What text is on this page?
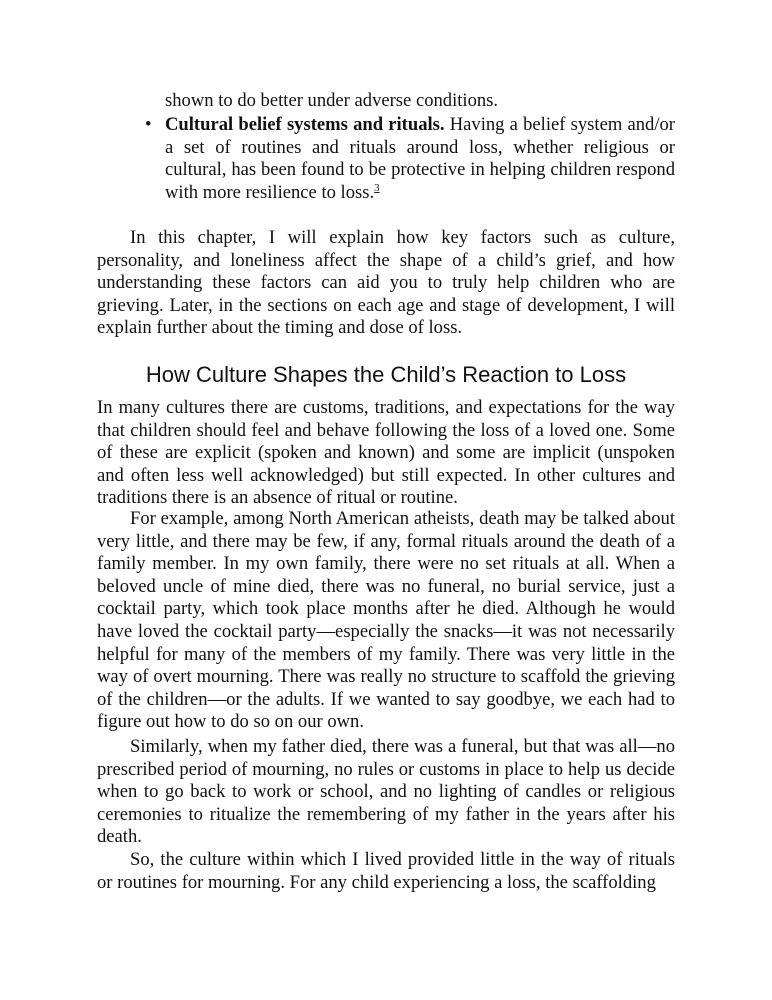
shown to do better under adverse conditions.

• Cultural belief systems and rituals. Having a belief system and/or a set of routines and rituals around loss, whether religious or cultural, has been found to be protective in helping children respond with more resilience to loss.$^3$

In this chapter, I will explain how key factors such as culture, personality, and loneliness affect the shape of a child’s grief, and how understanding these factors can aid you to truly help children who are grieving. Later, in the sections on each age and stage of development, I will explain further about the timing and dose of loss.

How Culture Shapes the Child’s Reaction to Loss

In many cultures there are customs, traditions, and expectations for the way that children should feel and behave following the loss of a loved one. Some of these are explicit (spoken and known) and some are implicit (unspoken and often less well acknowledged) but still expected. In other cultures and traditions there is an absence of ritual or routine.

For example, among North American atheists, death may be talked about very little, and there may be few, if any, formal rituals around the death of a family member. In my own family, there were no set rituals at all. When a beloved uncle of mine died, there was no funeral, no burial service, just a cocktail party, which took place months after he died. Although he would have loved the cocktail party—especially the snacks—it was not necessarily helpful for many of the members of my family. There was very little in the way of overt mourning. There was really no structure to scaffold the grieving of the children—or the adults. If we wanted to say goodbye, we each had to figure out how to do so on our own.

Similarly, when my father died, there was a funeral, but that was all—no prescribed period of mourning, no rules or customs in place to help us decide when to go back to work or school, and no lighting of candles or religious ceremonies to ritualize the remembering of my father in the years after his death.

So, the culture within which I lived provided little in the way of rituals or routines for mourning. For any child experiencing a loss, the scaffolding
